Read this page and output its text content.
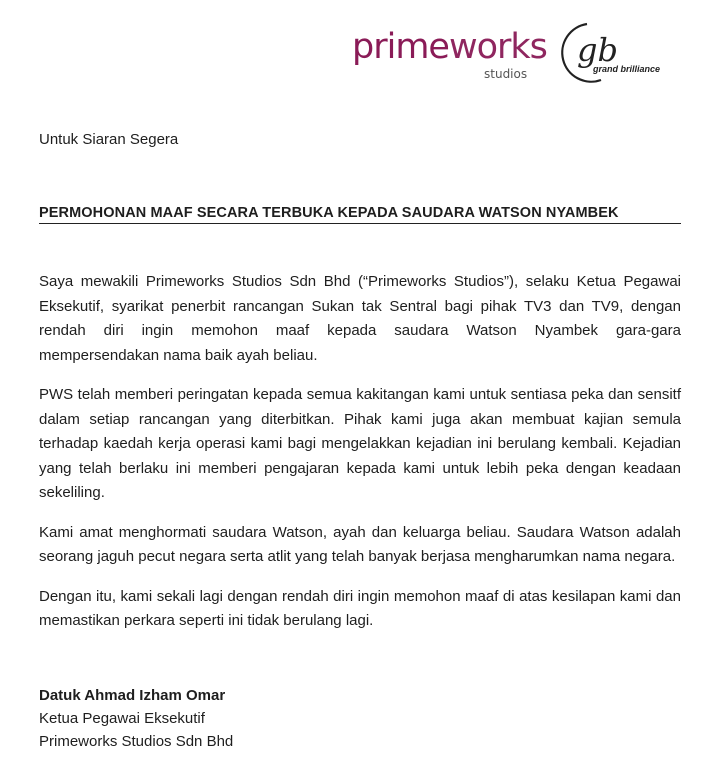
primeworks
studios
gb
grand brilliance
Untuk Siaran Segera
PERMOHONAN MAAF SECARA TERBUKA KEPADA SAUDARA WATSON NYAMBEK

Saya mewakili Primeworks Studios Sdn Bhd (“Primeworks Studios”), selaku Ketua Pegawai Eksekutif, syarikat penerbit rancangan Sukan tak Sentral bagi pihak TV3 dan TV9, dengan rendah diri ingin memohon maaf kepada saudara Watson Nyambek gara-gara mempersendakan nama baik ayah beliau.

PWS telah memberi peringatan kepada semua kakitangan kami untuk sentiasa peka dan sensitf dalam setiap rancangan yang diterbitkan. Pihak kami juga akan membuat kajian semula terhadap kaedah kerja operasi kami bagi mengelakkan kejadian ini berulang kembali. Kejadian yang telah berlaku ini memberi pengajaran kepada kami untuk lebih peka dengan keadaan sekeliling.

Kami amat menghormati saudara Watson, ayah dan keluarga beliau. Saudara Watson adalah seorang jaguh pecut negara serta atlit yang telah banyak berjasa mengharumkan nama negara.

Dengan itu, kami sekali lagi dengan rendah diri ingin memohon maaf di atas kesilapan kami dan memastikan perkara seperti ini tidak berulang lagi.

Datuk Ahmad Izham Omar
Ketua Pegawai Eksekutif
Primeworks Studios Sdn Bhd
